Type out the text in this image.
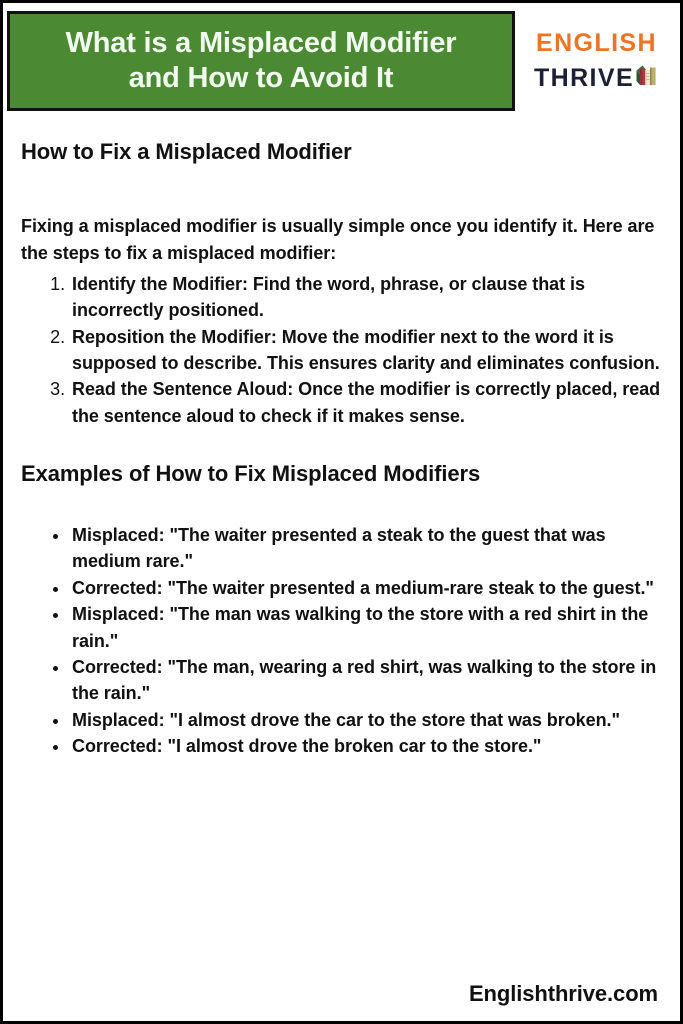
What is a Misplaced Modifier
and How to Avoid It
ENGLISH
THRIVE
How to Fix a Misplaced Modifier

Fixing a misplaced modifier is usually simple once you identify it. Here are the steps to fix a misplaced modifier:

1. Identify the Modifier: Find the word, phrase, or clause that is incorrectly positioned.
2. Reposition the Modifier: Move the modifier next to the word it is supposed to describe. This ensures clarity and eliminates confusion.
3. Read the Sentence Aloud: Once the modifier is correctly placed, read the sentence aloud to check if it makes sense.
Examples of How to Fix Misplaced Modifiers
• Misplaced: "The waiter presented a steak to the guest that was medium rare."
• Corrected: "The waiter presented a medium-rare steak to the guest."
• Misplaced: "The man was walking to the store with a red shirt in the rain."
• Corrected: "The man, wearing a red shirt, was walking to the store in the rain."
• Misplaced: "I almost drove the car to the store that was broken."
• Corrected: "I almost drove the broken car to the store."
Englishthrive.com
